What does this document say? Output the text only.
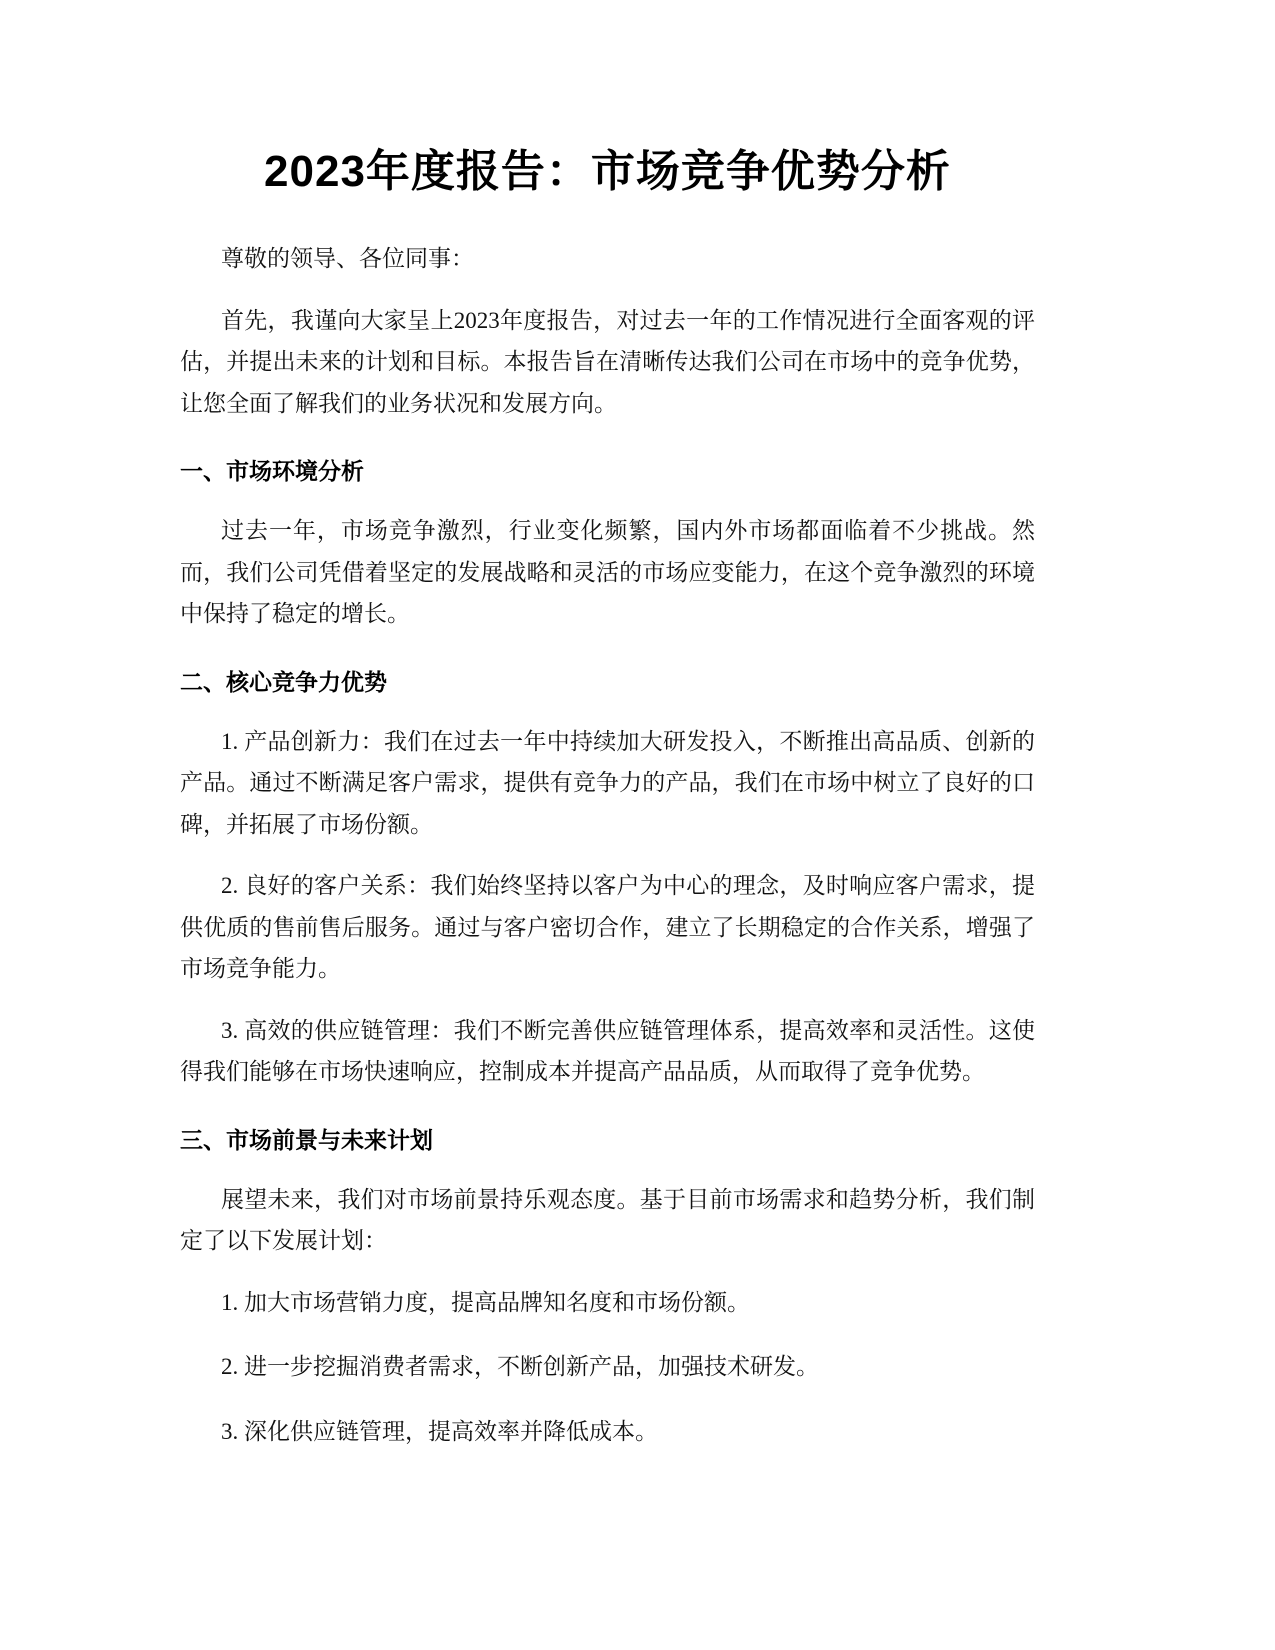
2023年度报告：市场竞争优势分析

尊敬的领导、各位同事：

首先，我谨向大家呈上2023年度报告，对过去一年的工作情况进行全面客观的评估，并提出未来的计划和目标。本报告旨在清晰传达我们公司在市场中的竞争优势，让您全面了解我们的业务状况和发展方向。

一、市场环境分析

过去一年，市场竞争激烈，行业变化频繁，国内外市场都面临着不少挑战。然而，我们公司凭借着坚定的发展战略和灵活的市场应变能力，在这个竞争激烈的环境中保持了稳定的增长。

二、核心竞争力优势

1. 产品创新力：我们在过去一年中持续加大研发投入，不断推出高品质、创新的产品。通过不断满足客户需求，提供有竞争力的产品，我们在市场中树立了良好的口碑，并拓展了市场份额。

2. 良好的客户关系：我们始终坚持以客户为中心的理念，及时响应客户需求，提供优质的售前售后服务。通过与客户密切合作，建立了长期稳定的合作关系，增强了市场竞争能力。

3. 高效的供应链管理：我们不断完善供应链管理体系，提高效率和灵活性。这使得我们能够在市场快速响应，控制成本并提高产品品质，从而取得了竞争优势。

三、市场前景与未来计划

展望未来，我们对市场前景持乐观态度。基于目前市场需求和趋势分析，我们制定了以下发展计划：

1. 加大市场营销力度，提高品牌知名度和市场份额。

2. 进一步挖掘消费者需求，不断创新产品，加强技术研发。

3. 深化供应链管理，提高效率并降低成本。
